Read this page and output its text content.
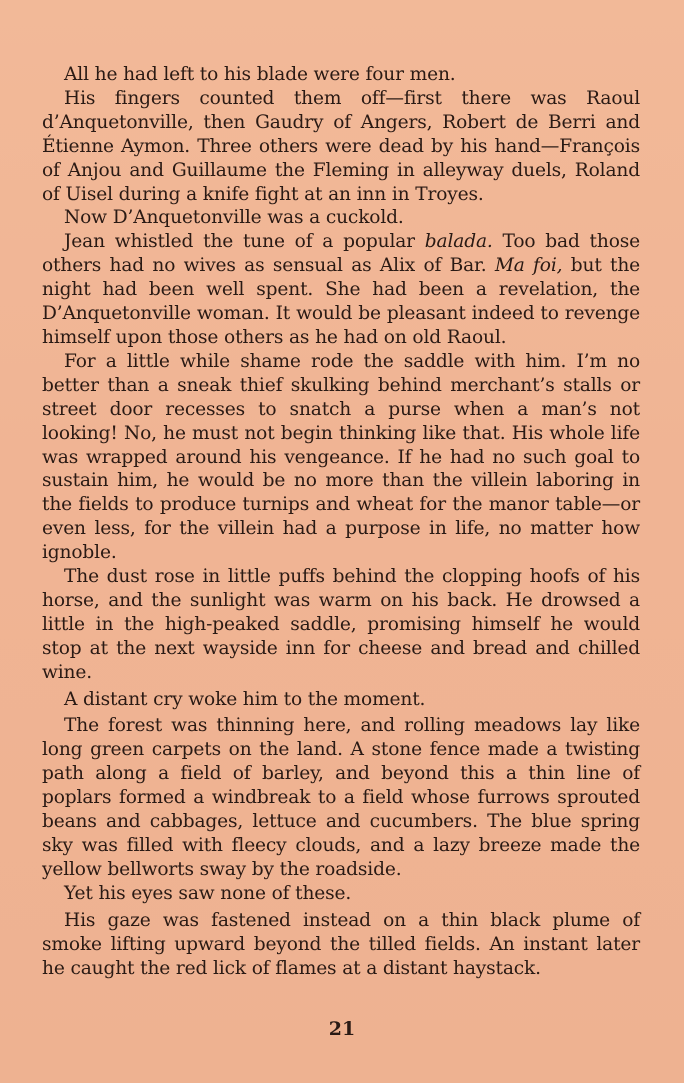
All he had left to his blade were four men.

His fingers counted them off—first there was Raoul d’Anquetonville, then Gaudry of Angers, Robert de Berri and Étienne Aymon. Three others were dead by his hand—François of Anjou and Guillaume the Fleming in alleyway duels, Roland of Uisel during a knife fight at an inn in Troyes.

Now D’Anquetonville was a cuckold.

Jean whistled the tune of a popular balada. Too bad those others had no wives as sensual as Alix of Bar. Ma foi, but the night had been well spent. She had been a revelation, the D’Anquetonville woman. It would be pleasant indeed to revenge himself upon those others as he had on old Raoul.

For a little while shame rode the saddle with him. I’m no better than a sneak thief skulking behind merchant’s stalls or street door recesses to snatch a purse when a man’s not looking! No, he must not begin thinking like that. His whole life was wrapped around his vengeance. If he had no such goal to sustain him, he would be no more than the villein laboring in the fields to produce turnips and wheat for the manor table—or even less, for the villein had a purpose in life, no matter how ignoble.

The dust rose in little puffs behind the clopping hoofs of his horse, and the sunlight was warm on his back. He drowsed a little in the high-peaked saddle, promising himself he would stop at the next wayside inn for cheese and bread and chilled wine.

A distant cry woke him to the moment.

The forest was thinning here, and rolling meadows lay like long green carpets on the land. A stone fence made a twisting path along a field of barley, and beyond this a thin line of poplars formed a windbreak to a field whose furrows sprouted beans and cabbages, lettuce and cucumbers. The blue spring sky was filled with fleecy clouds, and a lazy breeze made the yellow bellworts sway by the roadside.

Yet his eyes saw none of these.

His gaze was fastened instead on a thin black plume of smoke lifting upward beyond the tilled fields. An instant later he caught the red lick of flames at a distant haystack.

21
